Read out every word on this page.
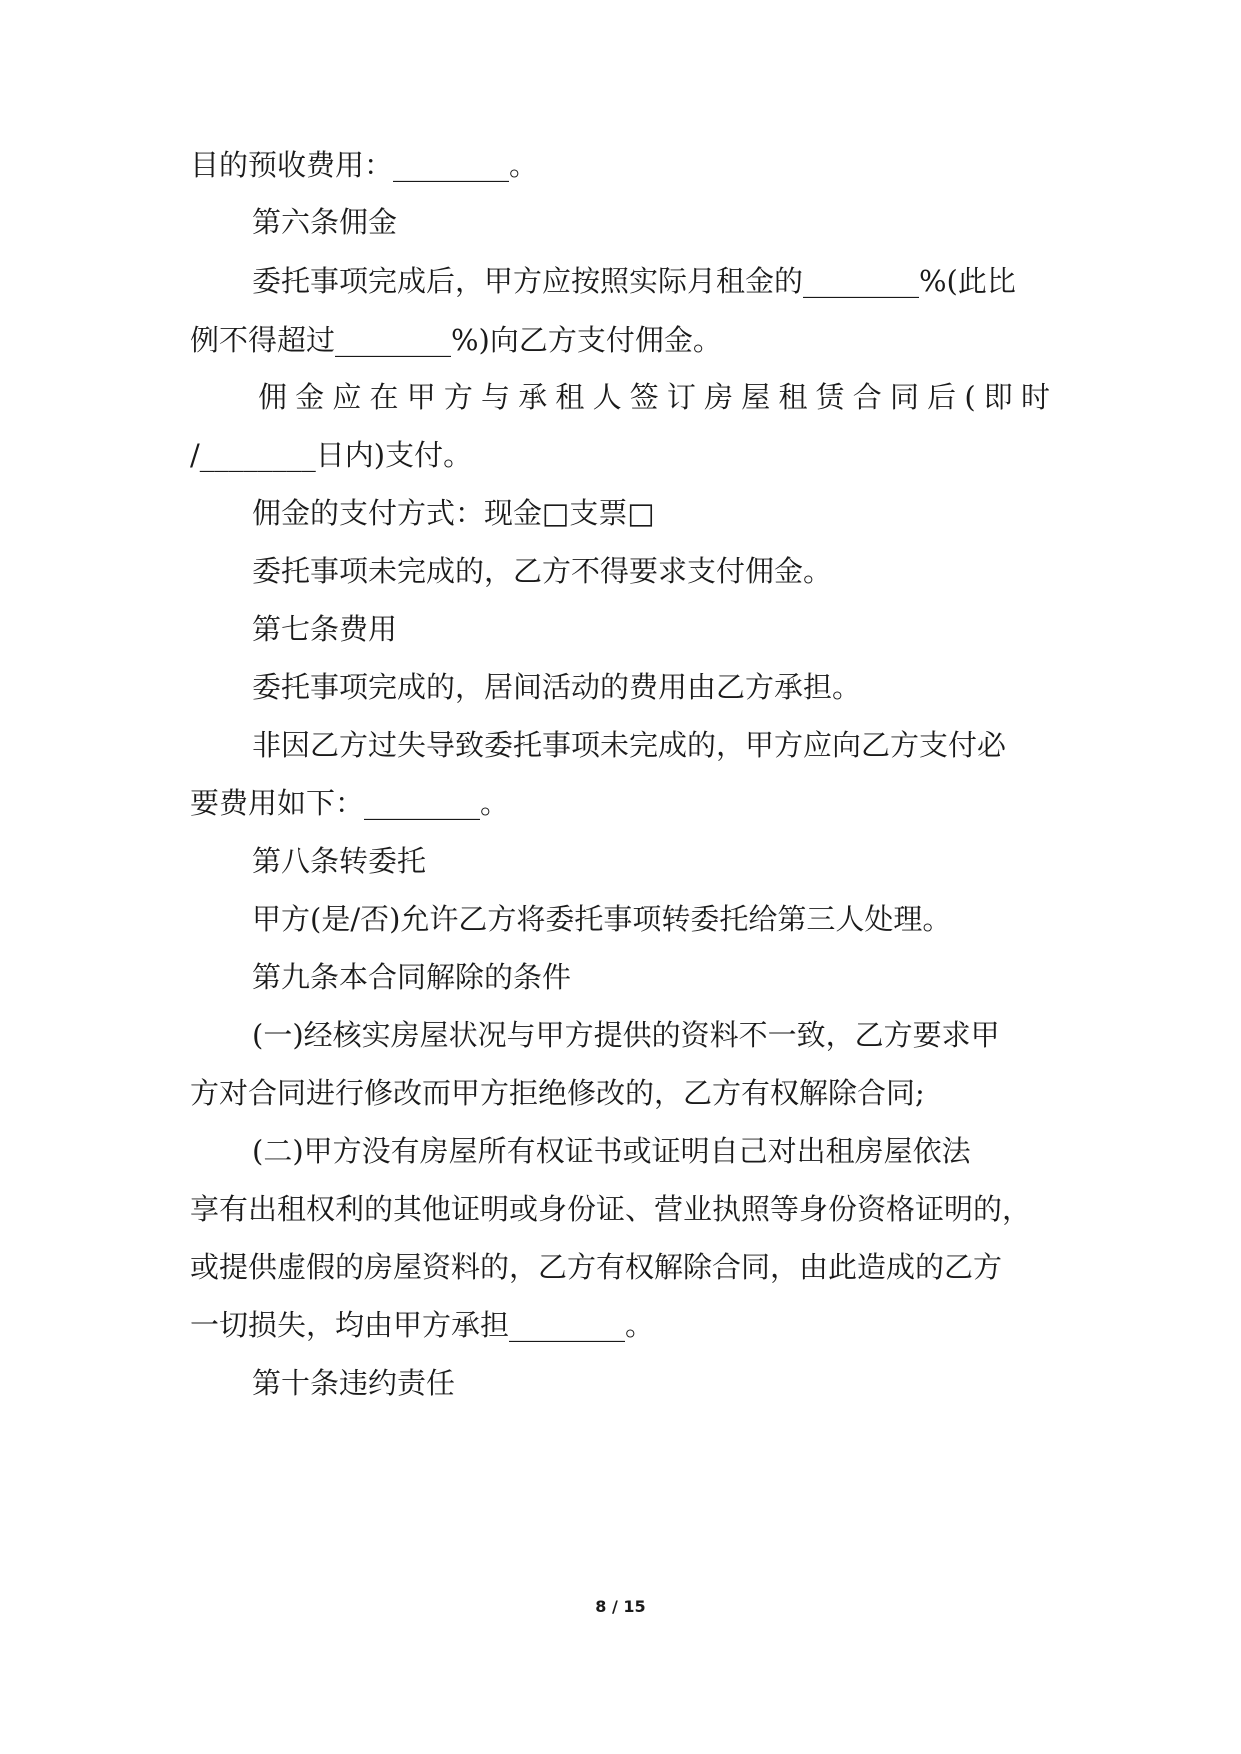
目的预收费用：________。
第六条佣金
委托事项完成后，甲方应按照实际月租金的________%(此比
例不得超过________%)向乙方支付佣金。
佣金应在甲方与承租人签订房屋租赁合同后(即时
/________日内)支付。
佣金的支付方式：现金□支票□
委托事项未完成的，乙方不得要求支付佣金。
第七条费用
委托事项完成的，居间活动的费用由乙方承担。
非因乙方过失导致委托事项未完成的，甲方应向乙方支付必
要费用如下：________。
第八条转委托
甲方(是/否)允许乙方将委托事项转委托给第三人处理。
第九条本合同解除的条件
(一)经核实房屋状况与甲方提供的资料不一致，乙方要求甲
方对合同进行修改而甲方拒绝修改的，乙方有权解除合同;
(二)甲方没有房屋所有权证书或证明自己对出租房屋依法
享有出租权利的其他证明或身份证、营业执照等身份资格证明的，
或提供虚假的房屋资料的，乙方有权解除合同，由此造成的乙方
一切损失，均由甲方承担________。
第十条违约责任
8 / 15
